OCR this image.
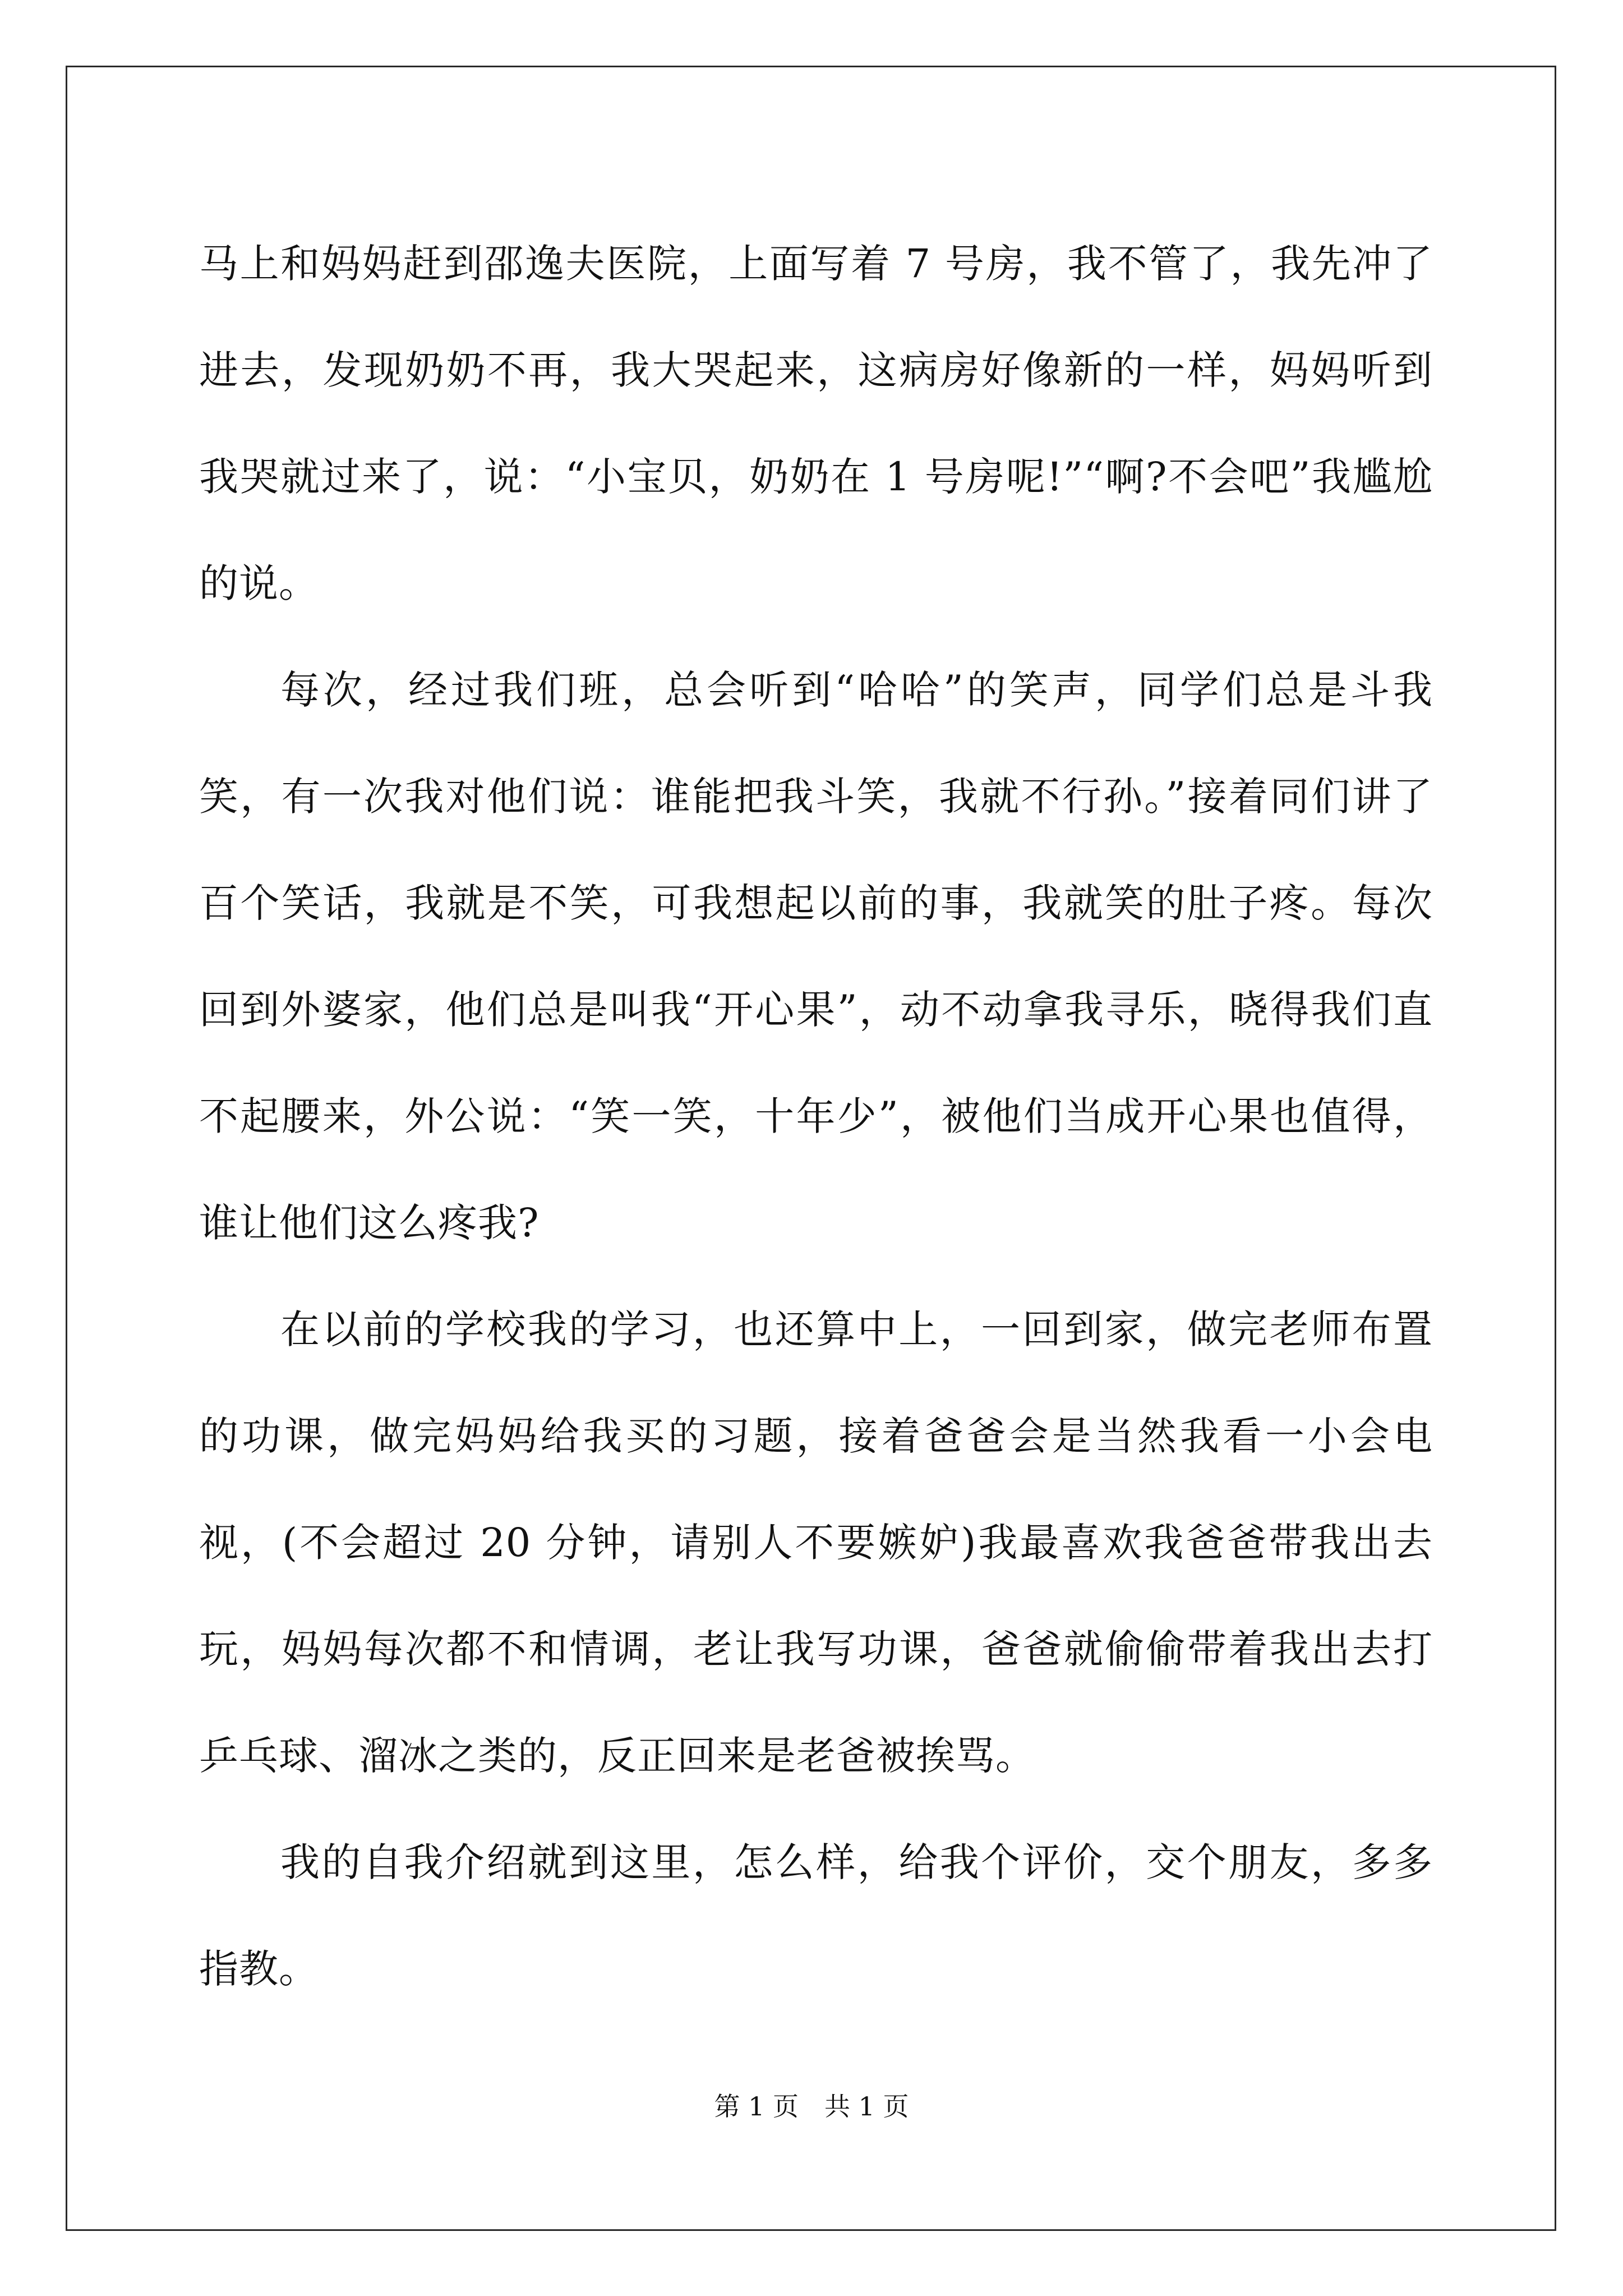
马上和妈妈赶到邵逸夫医院，上面写着 7 号房，我不管了，我先冲了进去，发现奶奶不再，我大哭起来，这病房好像新的一样，妈妈听到我哭就过来了，说：“小宝贝，奶奶在 1 号房呢!”“啊?不会吧”我尴尬的说。

每次，经过我们班，总会听到“哈哈”的笑声，同学们总是斗我笑，有一次我对他们说：谁能把我斗笑，我就不行孙。”接着同们讲了百个笑话，我就是不笑，可我想起以前的事，我就笑的肚子疼。每次回到外婆家，他们总是叫我“开心果”，动不动拿我寻乐，晓得我们直不起腰来，外公说：“笑一笑，十年少”，被他们当成开心果也值得，谁让他们这么疼我?

在以前的学校我的学习，也还算中上，一回到家，做完老师布置的功课，做完妈妈给我买的习题，接着爸爸会是当然我看一小会电视，(不会超过 20 分钟，请别人不要嫉妒)我最喜欢我爸爸带我出去玩，妈妈每次都不和情调，老让我写功课，爸爸就偷偷带着我出去打乒乓球、溜冰之类的，反正回来是老爸被挨骂。

我的自我介绍就到这里，怎么样，给我个评价，交个朋友，多多指教。

第 1 页　共 1 页
